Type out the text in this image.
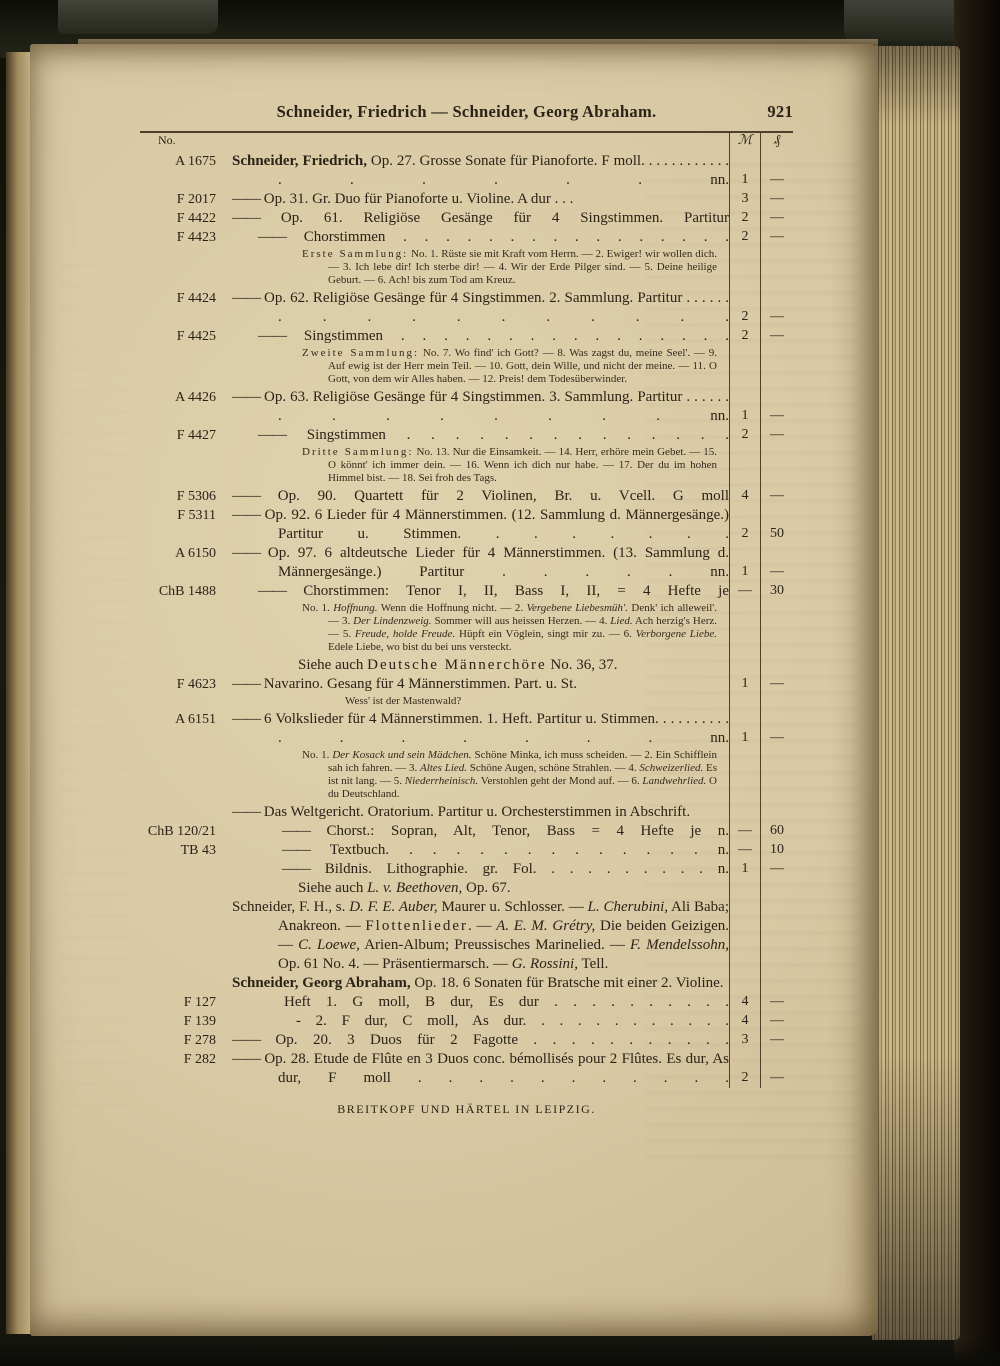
Schneider, Friedrich — Schneider, Georg Abraham.	921
No.	ℳ	₰
A 1675	Schneider, Friedrich, Op. 27. Grosse Sonate für Pianoforte. F moll. . . . . . . . . . . . . . . . . . nn. 1 —
F 2017	—— Op. 31. Gr. Duo für Pianoforte u. Violine. A dur . . .	3 —
F 4422	—— Op. 61. Religiöse Gesänge für 4 Singstimmen. Partitur 2 —
F 4423	—— Chorstimmen . . . . . . . . . . . . . . . . 2 —
Erste Sammlung: No. 1. Rüste sie mit Kraft vom Herrn. — 2. Ewiger! wir wollen dich. — 3. Ich lebe dir! Ich sterbe dir! — 4. Wir der Erde Pilger sind. — 5. Deine heilige Geburt. — 6. Ach! bis zum Tod am Kreuz.
F 4424	—— Op. 62. Religiöse Gesänge für 4 Singstimmen. 2. Sammlung. Partitur . . . . . . . . . . . . . . . . . 2 —
F 4425	—— Singstimmen . . . . . . . . . . . . . . . . 2 —
Zweite Sammlung: No. 7. Wo find' ich Gott? — 8. Was zagst du, meine Seel'. — 9. Auf ewig ist der Herr mein Teil. — 10. Gott, dein Wille, und nicht der meine. — 11. O Gott, von dem wir Alles haben. — 12. Preis! dem Todesüberwinder.
A 4426	—— Op. 63. Religiöse Gesänge für 4 Singstimmen. 3. Sammlung. Partitur . . . . . . . . . . . . . . nn. 1 —
F 4427	—— Singstimmen . . . . . . . . . . . . . . 2 —
Dritte Sammlung: No. 13. Nur die Einsamkeit. — 14. Herr, erhöre mein Gebet. — 15. O könnt' ich immer dein. — 16. Wenn ich dich nur habe. — 17. Der du im hohen Himmel bist. — 18. Sei froh des Tags.
F 5306	—— Op. 90. Quartett für 2 Violinen, Br. u. Vcell. G moll 4 —
F 5311	—— Op. 92. 6 Lieder für 4 Männerstimmen. (12. Sammlung d. Männergesänge.) Partitur u. Stimmen. . . . . . . . 2 50
A 6150	—— Op. 97. 6 altdeutsche Lieder für 4 Männerstimmen. (13. Sammlung d. Männergesänge.) Partitur . . . . . nn. 1 —
ChB 1488	—— Chorstimmen: Tenor I, II, Bass I, II, = 4 Hefte je — 30
No. 1. Hoffnung. Wenn die Hoffnung nicht. — 2. Vergebene Liebesmüh'. Denk' ich alleweil'. — 3. Der Lindenzweig. Sommer will aus heissen Herzen. — 4. Lied. Ach herzig's Herz. — 5. Freude, holde Freude. Hüpft ein Vöglein, singt mir zu. — 6. Verborgene Liebe. Edele Liebe, wo bist du bei uns versteckt.
Siehe auch Deutsche Männerchöre No. 36, 37.
F 4623	—— Navarino. Gesang für 4 Männerstimmen. Part. u. St.	1 —
Wess' ist der Mastenwald?
A 6151	—— 6 Volkslieder für 4 Männerstimmen. 1. Heft. Partitur u. Stimmen. . . . . . . . . . . . . . . . . nn. 1 —
No. 1. Der Kosack und sein Mädchen. Schöne Minka, ich muss scheiden. — 2. Ein Schifflein sah ich fahren. — 3. Altes Lied. Schöne Augen, schöne Strahlen. — 4. Schweizerlied. Es ist nit lang. — 5. Niederrheinisch. Verstohlen geht der Mond auf. — 6. Landwehrlied. O du Deutschland.
—— Das Weltgericht. Oratorium. Partitur u. Orchesterstimmen in Abschrift.
ChB 120/21	—— Chorst.: Sopran, Alt, Tenor, Bass = 4 Hefte je n. — 60
TB 43	—— Textbuch. . . . . . . . . . . . . . n. — 10
—— Bildnis. Lithographie. gr. Fol. . . . . . . . . . n. 1 —
Siehe auch L. v. Beethoven, Op. 67.
Schneider, F. H., s. D. F. E. Auber, Maurer u. Schlosser. — L. Cherubini, Ali Baba; Anakreon. — Flottenlieder. — A. E. M. Grétry, Die beiden Geizigen. — C. Loewe, Arien-Album; Preussisches Marinelied. — F. Mendelssohn, Op. 61 No. 4. — Präsentiermarsch. — G. Rossini, Tell.
Schneider, Georg Abraham, Op. 18. 6 Sonaten für Bratsche mit einer 2. Violine.
F 127	Heft 1. G moll, B dur, Es dur . . . . . . . . . . 4 —
F 139	- 2. F dur, C moll, As dur. . . . . . . . . . . . 4 —
F 278	—— Op. 20. 3 Duos für 2 Fagotte . . . . . . . . . . . 3 —
F 282	—— Op. 28. Etude de Flûte en 3 Duos conc. bémollisés pour 2 Flûtes. Es dur, As dur, F moll . . . . . . . . . . . 2 —
BREITKOPF UND HÄRTEL IN LEIPZIG.
